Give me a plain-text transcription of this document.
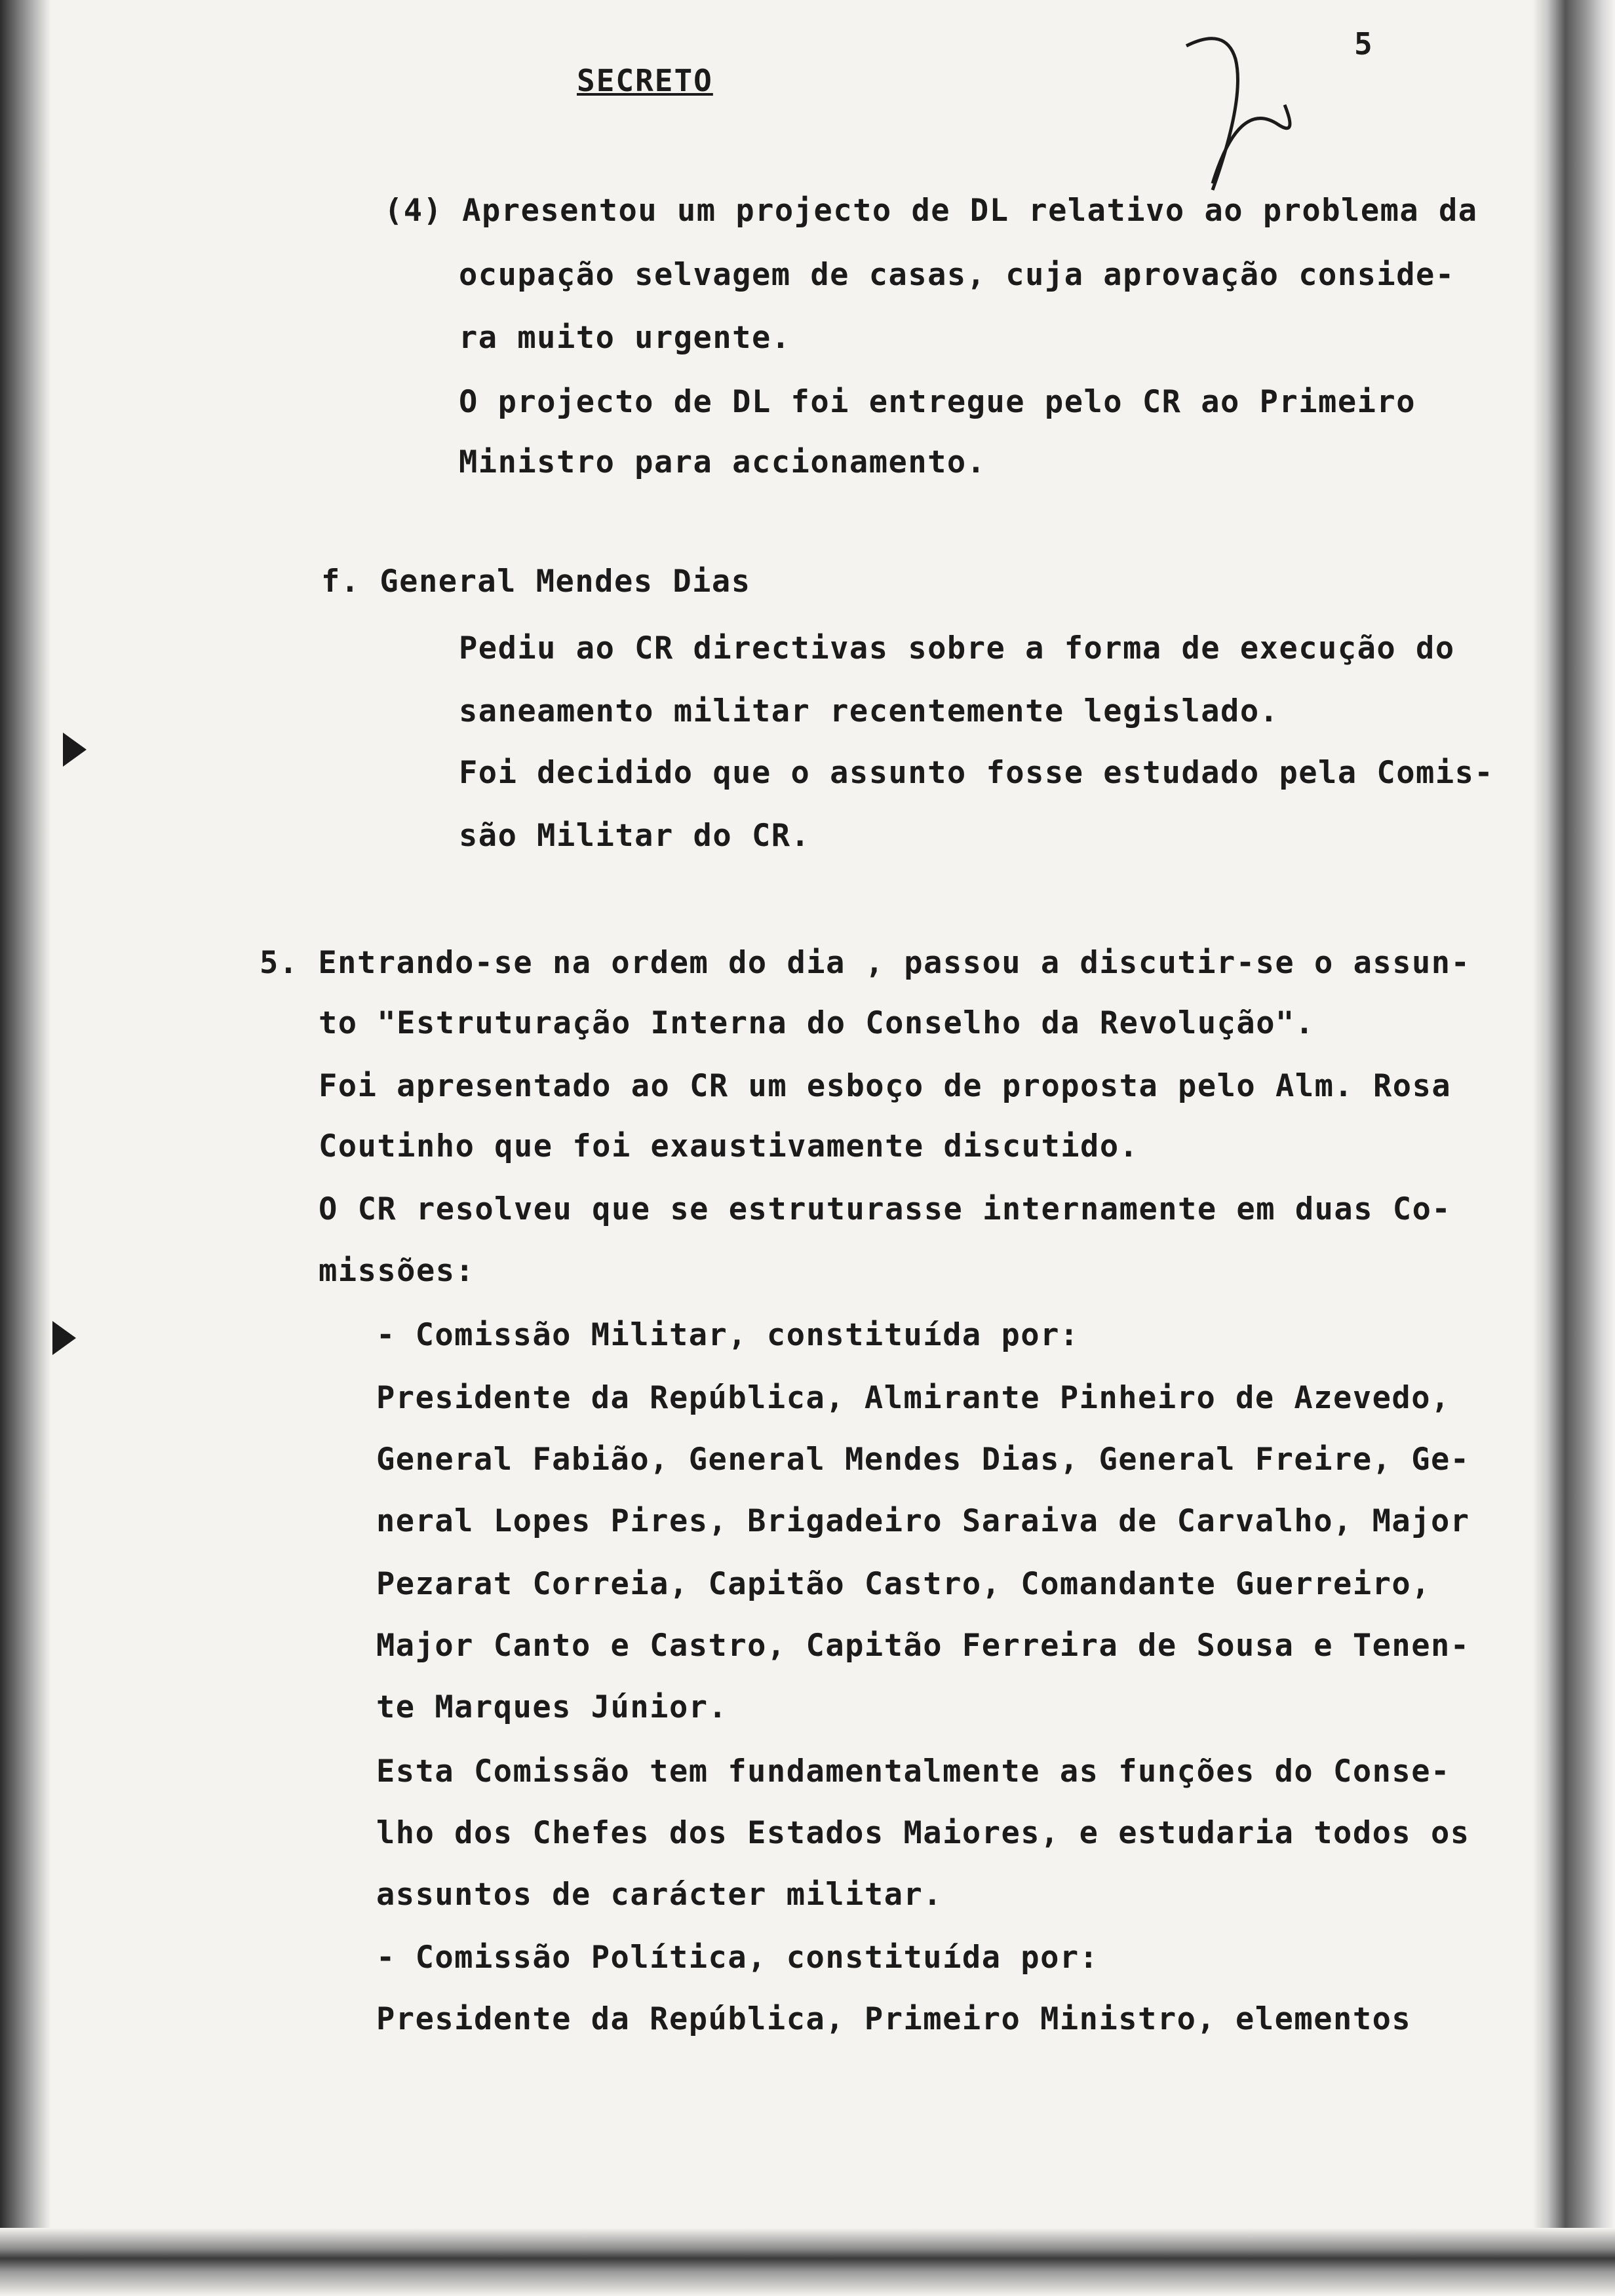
SECRETO
5
(4) Apresentou um projecto de DL relativo ao problema da
ocupação selvagem de casas, cuja aprovação conside-
ra muito urgente.
O projecto de DL foi entregue pelo CR ao Primeiro
Ministro para accionamento.
f. General Mendes Dias
Pediu ao CR directivas sobre a forma de execução do
saneamento militar recentemente legislado.
Foi decidido que o assunto fosse estudado pela Comis-
são Militar do CR.
5. Entrando-se na ordem do dia , passou a discutir-se o assun-
to "Estruturação Interna do Conselho da Revolução".
Foi apresentado ao CR um esboço de proposta pelo Alm. Rosa
Coutinho que foi exaustivamente discutido.
O CR resolveu que se estruturasse internamente em duas Co-
missões:
- Comissão Militar, constituída por:
Presidente da República, Almirante Pinheiro de Azevedo,
General Fabião, General Mendes Dias, General Freire, Ge-
neral Lopes Pires, Brigadeiro Saraiva de Carvalho, Major
Pezarat Correia, Capitão Castro, Comandante Guerreiro,
Major Canto e Castro, Capitão Ferreira de Sousa e Tenen-
te Marques Júnior.
Esta Comissão tem fundamentalmente as funções do Conse-
lho dos Chefes dos Estados Maiores, e estudaria todos os
assuntos de carácter militar.
- Comissão Política, constituída por:
Presidente da República, Primeiro Ministro, elementos
